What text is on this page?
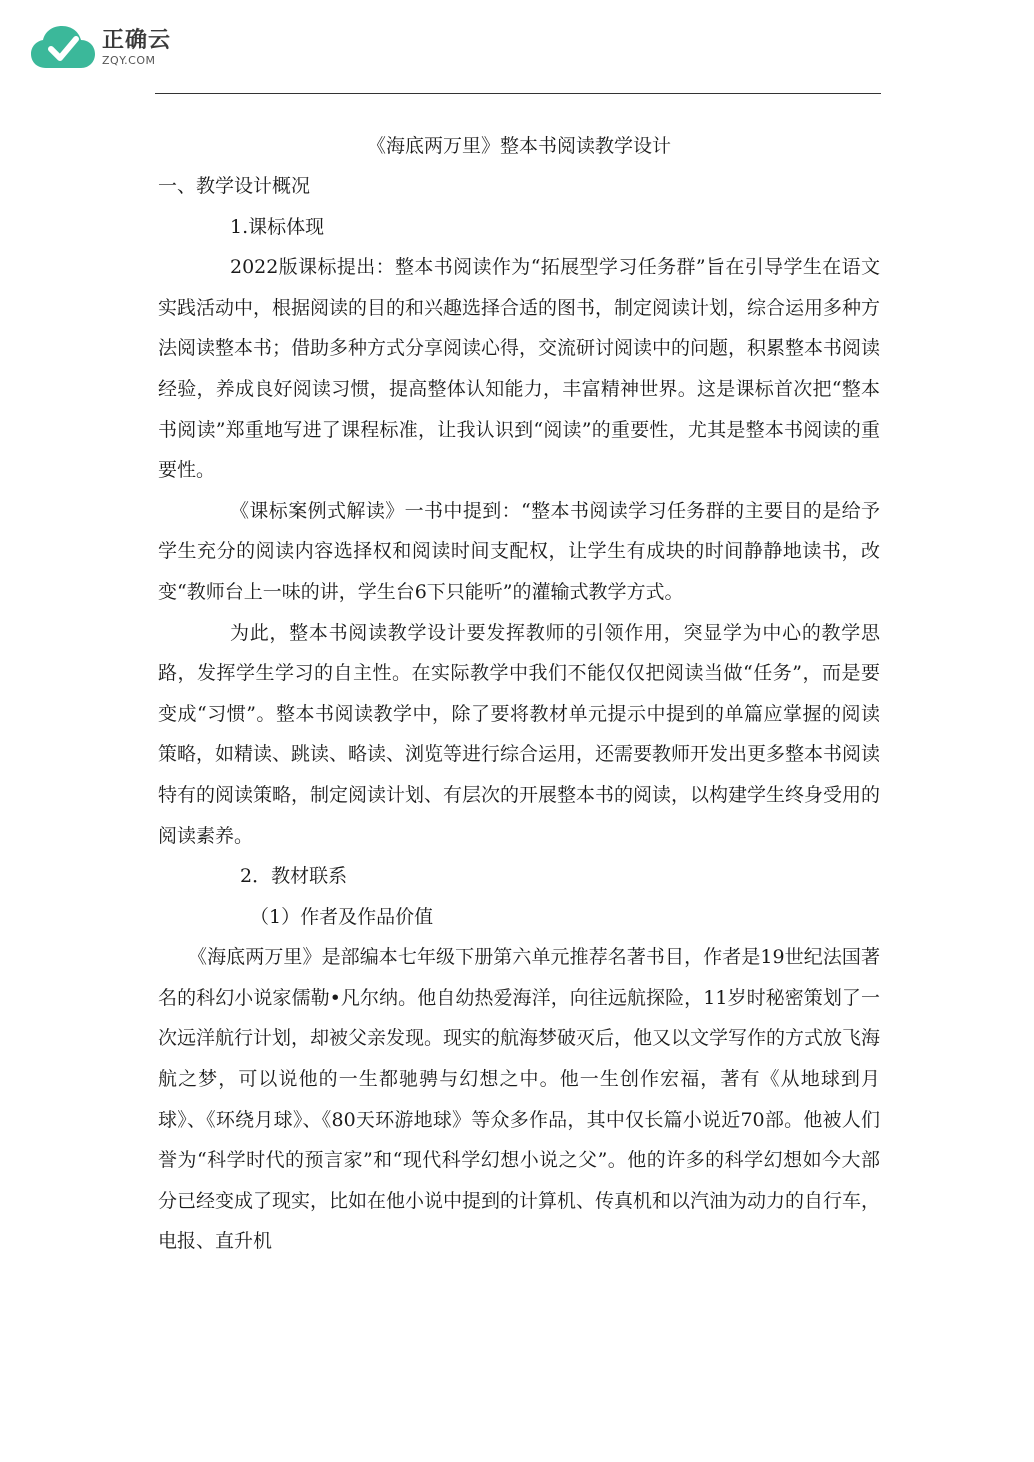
正确云
ZQY.COM

《海底两万里》整本书阅读教学设计

一、教学设计概况

1.课标体现

2022版课标提出：整本书阅读作为“拓展型学习任务群”旨在引导学生在语文实践活动中，根据阅读的目的和兴趣选择合适的图书，制定阅读计划，综合运用多种方法阅读整本书；借助多种方式分享阅读心得，交流研讨阅读中的问题，积累整本书阅读经验，养成良好阅读习惯，提高整体认知能力，丰富精神世界。这是课标首次把“整本书阅读”郑重地写进了课程标准，让我认识到“阅读”的重要性，尤其是整本书阅读的重要性。

《课标案例式解读》一书中提到：“整本书阅读学习任务群的主要目的是给予学生充分的阅读内容选择权和阅读时间支配权，让学生有成块的时间静静地读书，改变“教师台上一味的讲，学生台6下只能听”的灌输式教学方式。

为此，整本书阅读教学设计要发挥教师的引领作用，突显学为中心的教学思路，发挥学生学习的自主性。在实际教学中我们不能仅仅把阅读当做“任务”，而是要变成“习惯”。整本书阅读教学中，除了要将教材单元提示中提到的单篇应掌握的阅读策略，如精读、跳读、略读、浏览等进行综合运用，还需要教师开发出更多整本书阅读特有的阅读策略，制定阅读计划、有层次的开展整本书的阅读，以构建学生终身受用的阅读素养。

2．教材联系

（1）作者及作品价值

《海底两万里》是部编本七年级下册第六单元推荐名著书目，作者是19世纪法国著名的科幻小说家儒勒•凡尔纳。他自幼热爱海洋，向往远航探险，11岁时秘密策划了一次远洋航行计划，却被父亲发现。现实的航海梦破灭后，他又以文学写作的方式放飞海航之梦，可以说他的一生都驰骋与幻想之中。他一生创作宏福，著有《从地球到月球》、《环绕月球》、《80天环游地球》等众多作品，其中仅长篇小说近70部。他被人们誉为“科学时代的预言家”和“现代科学幻想小说之父”。他的许多的科学幻想如今大部分已经变成了现实，比如在他小说中提到的计算机、传真机和以汽油为动力的自行车，电报、直升机
